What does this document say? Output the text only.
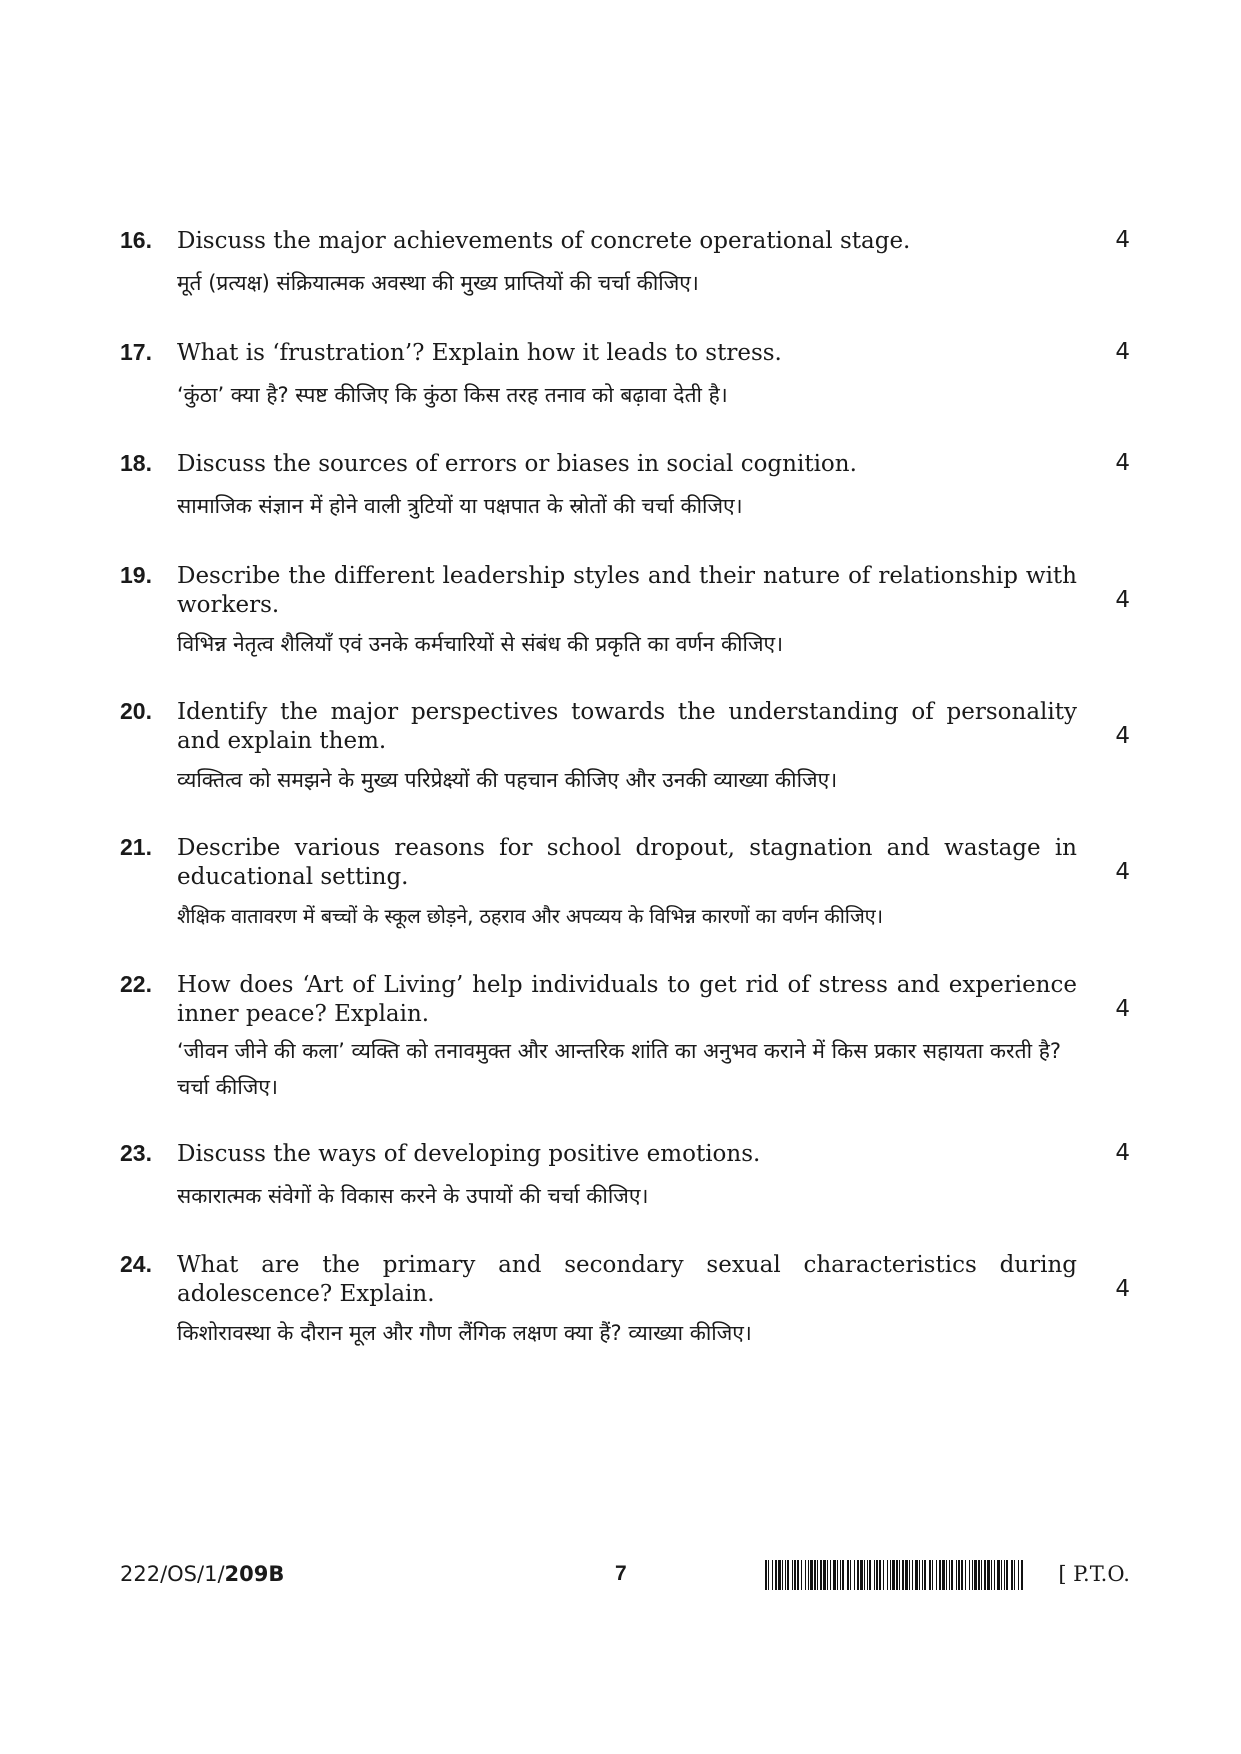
16. Discuss the major achievements of concrete operational stage.	4
मूर्त (प्रत्यक्ष) संक्रियात्मक अवस्था की मुख्य प्राप्तियों की चर्चा कीजिए।
17. What is ‘frustration’? Explain how it leads to stress.	4
‘कुंठा’ क्या है? स्पष्ट कीजिए कि कुंठा किस तरह तनाव को बढ़ावा देती है।
18. Discuss the sources of errors or biases in social cognition.	4
सामाजिक संज्ञान में होने वाली त्रुटियों या पक्षपात के स्रोतों की चर्चा कीजिए।
19. Describe the different leadership styles and their nature of relationship with workers.	4
विभिन्न नेतृत्व शैलियाँ एवं उनके कर्मचारियों से संबंध की प्रकृति का वर्णन कीजिए।
20. Identify the major perspectives towards the understanding of personality and explain them.	4
व्यक्तित्व को समझने के मुख्य परिप्रेक्ष्यों की पहचान कीजिए और उनकी व्याख्या कीजिए।
21. Describe various reasons for school dropout, stagnation and wastage in educational setting.	4
शैक्षिक वातावरण में बच्चों के स्कूल छोड़ने, ठहराव और अपव्यय के विभिन्न कारणों का वर्णन कीजिए।
22. How does ‘Art of Living’ help individuals to get rid of stress and experience inner peace? Explain.	4
‘जीवन जीने की कला’ व्यक्ति को तनावमुक्त और आन्तरिक शांति का अनुभव कराने में किस प्रकार सहायता करती है? चर्चा कीजिए।
23. Discuss the ways of developing positive emotions.	4
सकारात्मक संवेगों के विकास करने के उपायों की चर्चा कीजिए।
24. What are the primary and secondary sexual characteristics during adolescence? Explain.	4
किशोरावस्था के दौरान मूल और गौण लैंगिक लक्षण क्या हैं? व्याख्या कीजिए।
222/OS/1/209B	7	[ P.T.O.
